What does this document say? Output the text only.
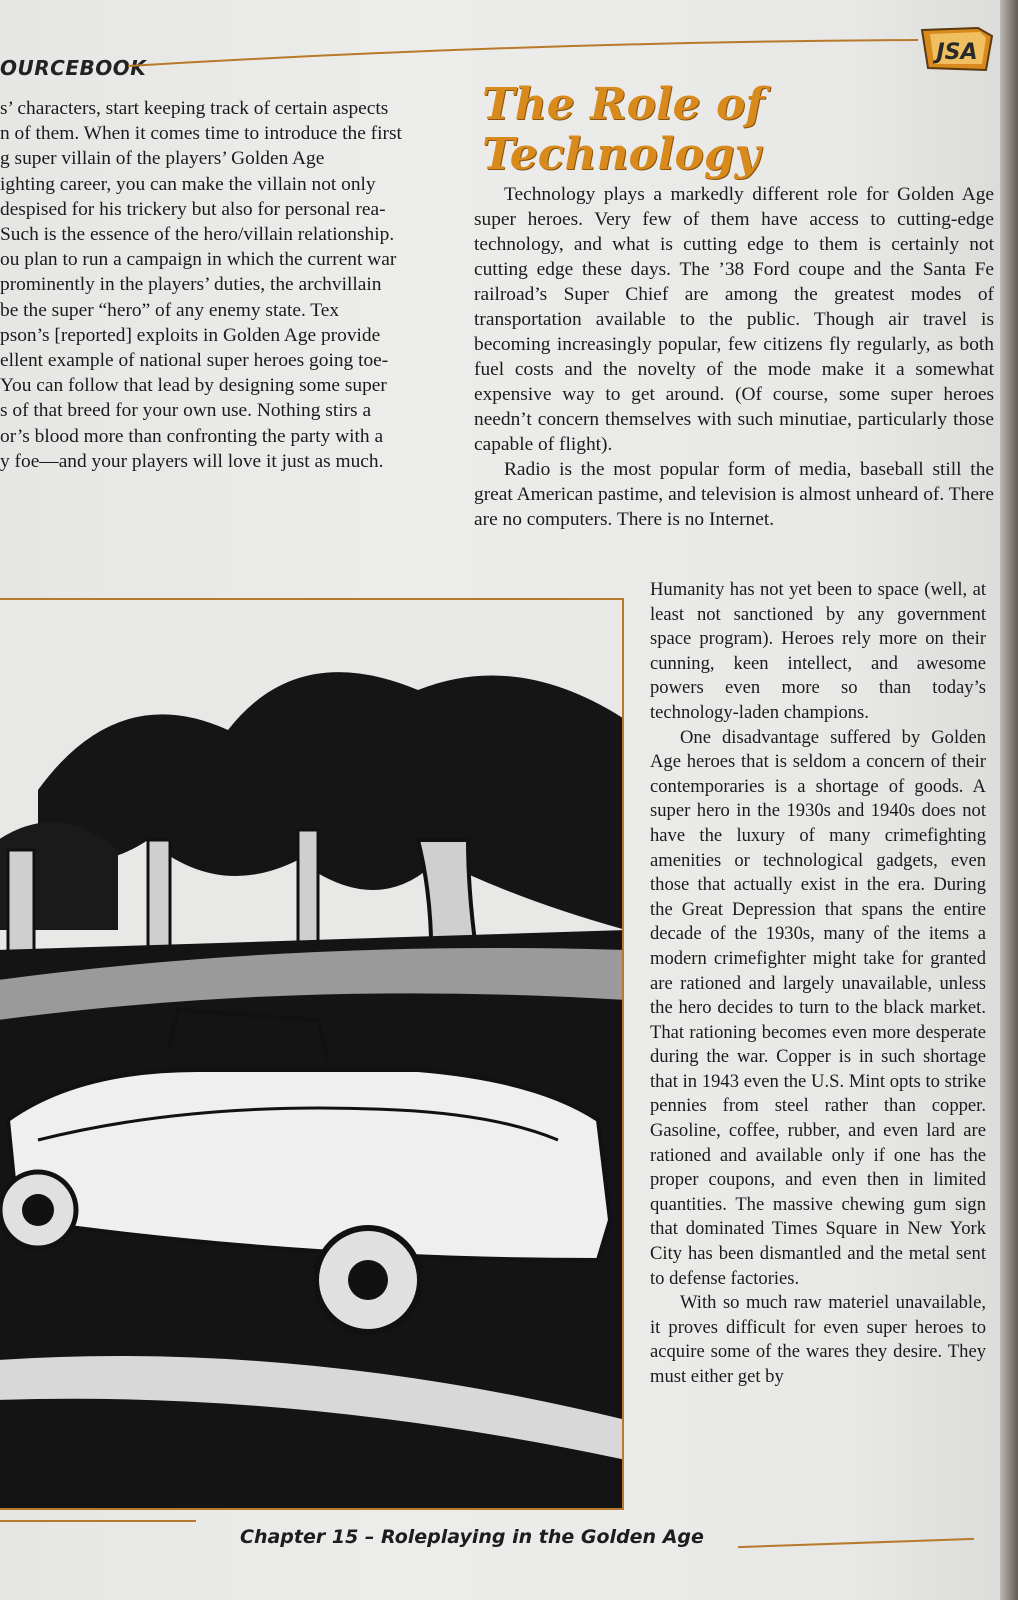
OURCEBOOK
JSA
s’ characters, start keeping track of certain aspects
n of them. When it comes time to introduce the first
g super villain of the players’ Golden Age
ighting career, you can make the villain not only
despised for his trickery but also for personal rea-
Such is the essence of the hero/villain relationship.
ou plan to run a campaign in which the current war
prominently in the players’ duties, the archvillain
be the super “hero” of any enemy state. Tex
pson’s [reported] exploits in Golden Age provide
ellent example of national super heroes going toe-
You can follow that lead by designing some super
s of that breed for your own use. Nothing stirs a
or’s blood more than confronting the party with a
y foe—and your players will love it just as much.
The Role of
Technology

Technology plays a markedly different role for Golden Age super heroes. Very few of them have access to cutting-edge technology, and what is cutting edge to them is certainly not cutting edge these days. The ’38 Ford coupe and the Santa Fe railroad’s Super Chief are among the greatest modes of transportation available to the public. Though air travel is becoming increasingly popular, few citizens fly regularly, as both fuel costs and the novelty of the mode make it a somewhat expensive way to get around. (Of course, some super heroes needn’t concern themselves with such minutiae, particularly those capable of flight).

Radio is the most popular form of media, baseball still the great American pastime, and television is almost unheard of. There are no computers. There is no Internet.

Humanity has not yet been to space (well, at least not sanctioned by any government space program). Heroes rely more on their cunning, keen intellect, and awesome powers even more so than today’s technology-laden champions.

One disadvantage suffered by Golden Age heroes that is seldom a concern of their contemporaries is a shortage of goods. A super hero in the 1930s and 1940s does not have the luxury of many crimefighting amenities or technological gadgets, even those that actually exist in the era. During the Great Depression that spans the entire decade of the 1930s, many of the items a modern crimefighter might take for granted are rationed and largely unavailable, unless the hero decides to turn to the black market. That rationing becomes even more desperate during the war. Copper is in such shortage that in 1943 even the U.S. Mint opts to strike pennies from steel rather than copper. Gasoline, coffee, rubber, and even lard are rationed and available only if one has the proper coupons, and even then in limited quantities. The massive chewing gum sign that dominated Times Square in New York City has been dismantled and the metal sent to defense factories.

With so much raw materiel unavailable, it proves difficult for even super heroes to acquire some of the wares they desire. They must either get by

Chapter 15 – Roleplaying in the Golden Age
